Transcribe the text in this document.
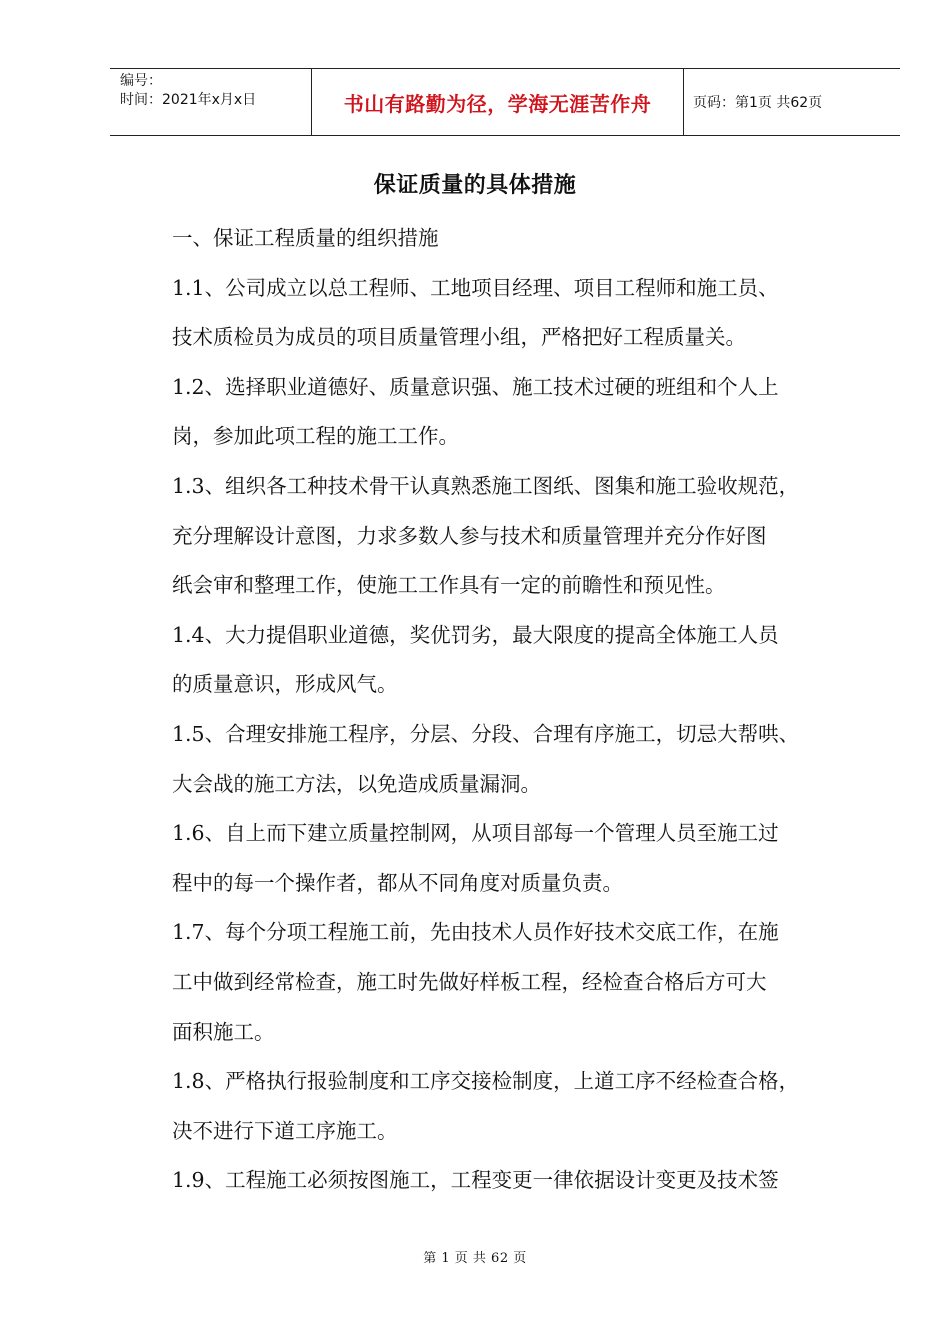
编号：
时间：2021年x月x日	书山有路勤为径，学海无涯苦作舟	页码：第1页 共62页
保证质量的具体措施
一、保证工程质量的组织措施
1.1、公司成立以总工程师、工地项目经理、项目工程师和施工员、
技术质检员为成员的项目质量管理小组，严格把好工程质量关。
1.2、选择职业道德好、质量意识强、施工技术过硬的班组和个人上
岗，参加此项工程的施工工作。
1.3、组织各工种技术骨干认真熟悉施工图纸、图集和施工验收规范，
充分理解设计意图，力求多数人参与技术和质量管理并充分作好图
纸会审和整理工作，使施工工作具有一定的前瞻性和预见性。
1.4、大力提倡职业道德，奖优罚劣，最大限度的提高全体施工人员
的质量意识，形成风气。
1.5、合理安排施工程序，分层、分段、合理有序施工，切忌大帮哄、
大会战的施工方法，以免造成质量漏洞。
1.6、自上而下建立质量控制网，从项目部每一个管理人员至施工过
程中的每一个操作者，都从不同角度对质量负责。
1.7、每个分项工程施工前，先由技术人员作好技术交底工作，在施
工中做到经常检查，施工时先做好样板工程，经检查合格后方可大
面积施工。
1.8、严格执行报验制度和工序交接检制度，上道工序不经检查合格，
决不进行下道工序施工。
1.9、工程施工必须按图施工，工程变更一律依据设计变更及技术签
第 1 页 共 62 页
